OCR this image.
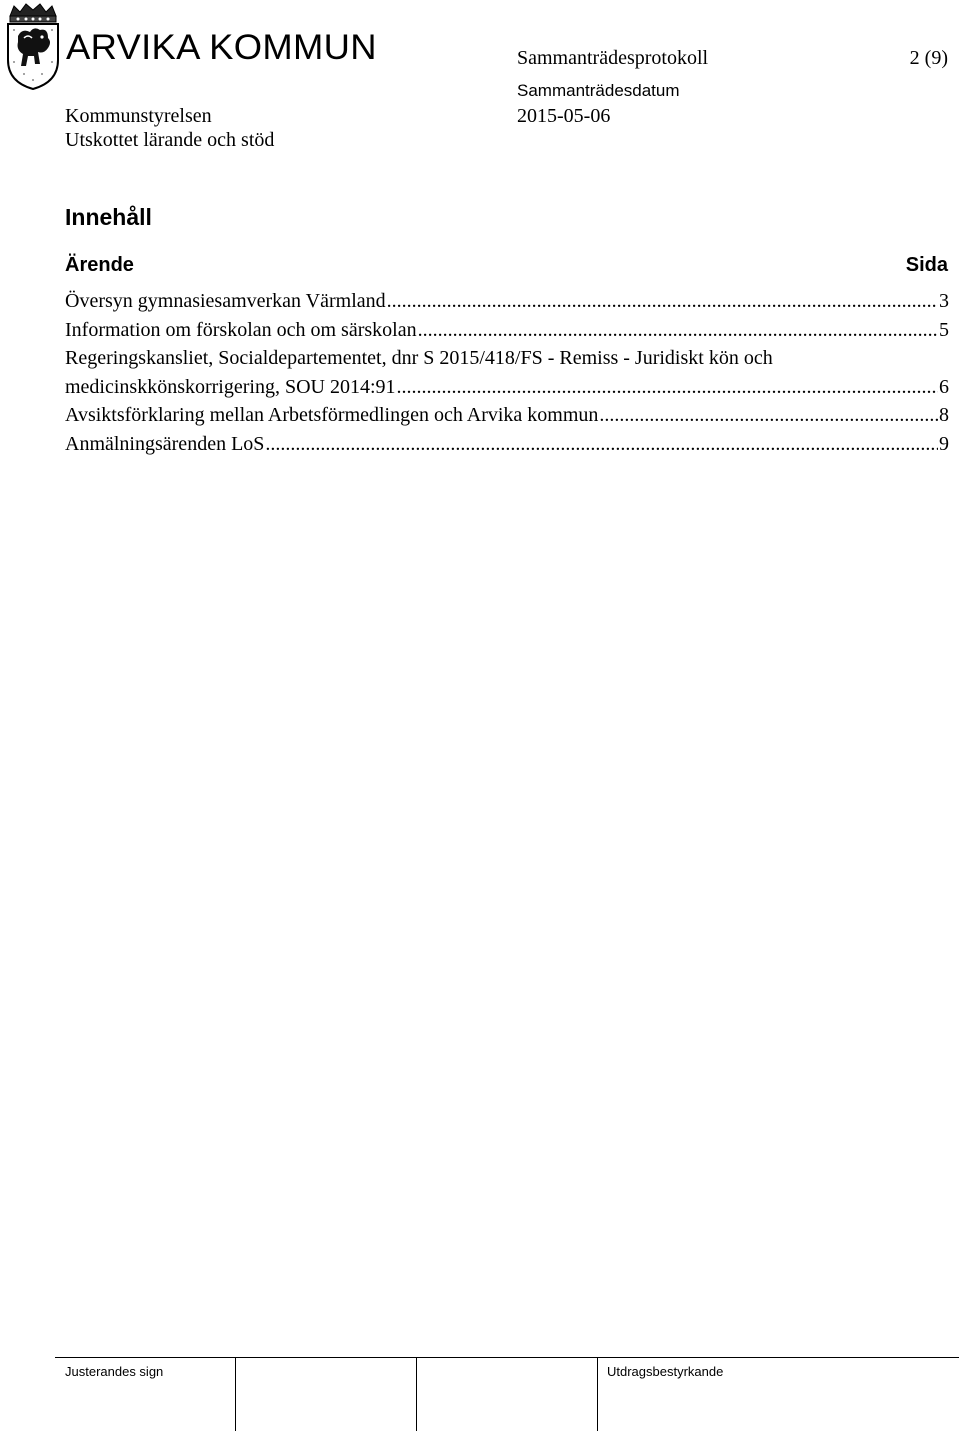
ARVIKA KOMMUN	Sammanträdesprotokoll	2 (9)
Sammanträdesdatum
2015-05-06
Kommunstyrelsen
Utskottet lärande och stöd
Innehåll
Ärende	Sida
Översyn gymnasiesamverkan Värmland .....	3
Information om förskolan och om särskolan .....	5
Regeringskansliet, Socialdepartementet, dnr S 2015/418/FS - Remiss - Juridiskt kön och
medicinskkönskorrigering, SOU 2014:91 .....	6
Avsiktsförklaring mellan Arbetsförmedlingen och Arvika kommun .....	8
Anmälningsärenden LoS .....	9
Justerandes sign	Utdragsbestyrkande
